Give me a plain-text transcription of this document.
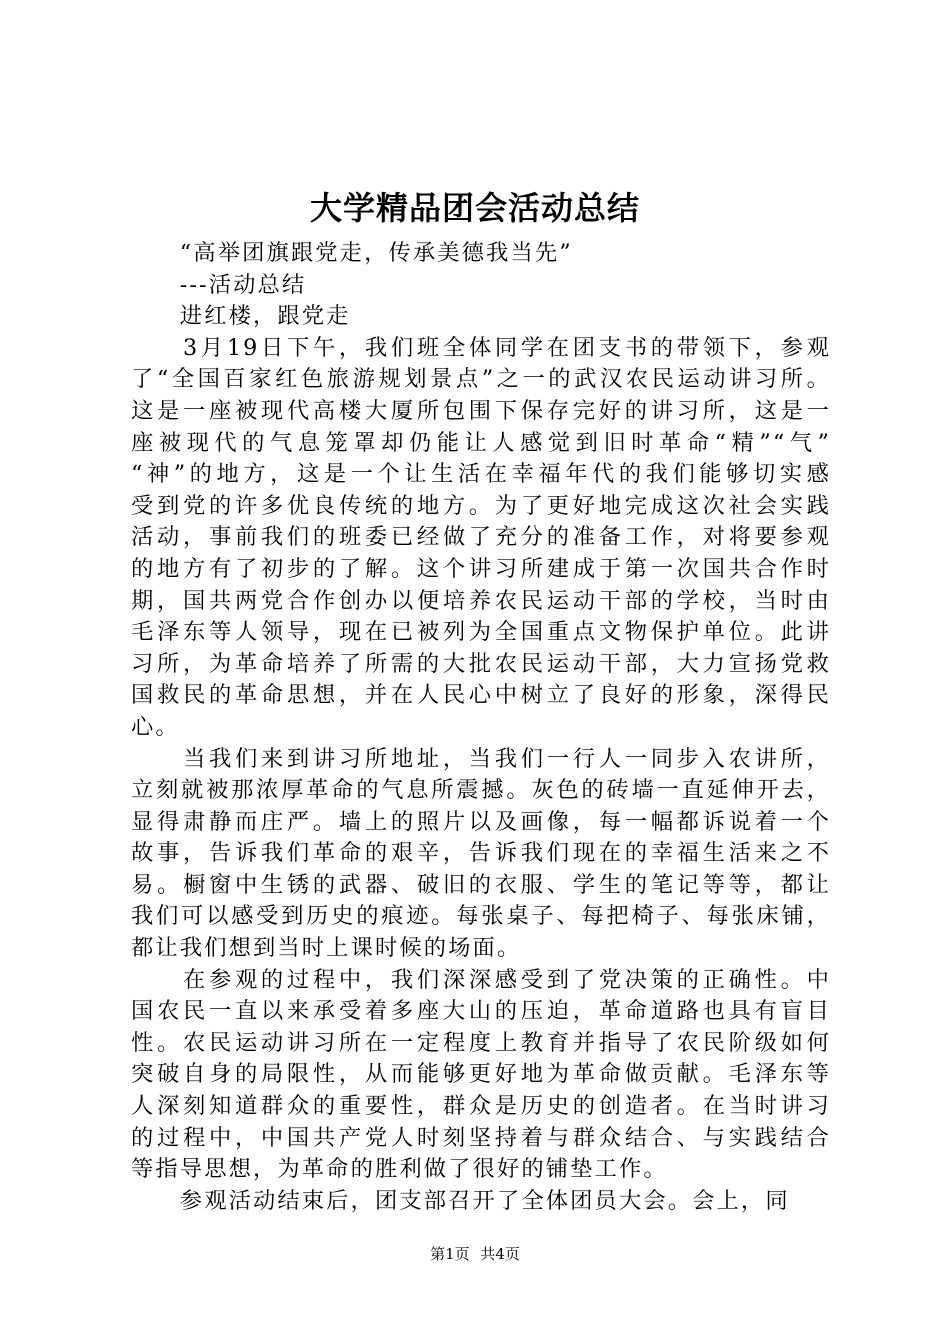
大学精品团会活动总结
　　“高举团旗跟党走，传承美德我当先”
　　---活动总结
　　进红楼，跟党走
　　3月19日下午，我们班全体同学在团支书的带领下，参观
了“全国百家红色旅游规划景点”之一的武汉农民运动讲习所。
这是一座被现代高楼大厦所包围下保存完好的讲习所，这是一
座被现代的气息笼罩却仍能让人感觉到旧时革命“精”“气”
“神”的地方，这是一个让生活在幸福年代的我们能够切实感
受到党的许多优良传统的地方。为了更好地完成这次社会实践
活动，事前我们的班委已经做了充分的准备工作，对将要参观
的地方有了初步的了解。这个讲习所建成于第一次国共合作时
期，国共两党合作创办以便培养农民运动干部的学校，当时由
毛泽东等人领导，现在已被列为全国重点文物保护单位。此讲
习所，为革命培养了所需的大批农民运动干部，大力宣扬党救
国救民的革命思想，并在人民心中树立了良好的形象，深得民
心。
　　当我们来到讲习所地址，当我们一行人一同步入农讲所，
立刻就被那浓厚革命的气息所震撼。灰色的砖墙一直延伸开去，
显得肃静而庄严。墙上的照片以及画像，每一幅都诉说着一个
故事，告诉我们革命的艰辛，告诉我们现在的幸福生活来之不
易。橱窗中生锈的武器、破旧的衣服、学生的笔记等等，都让
我们可以感受到历史的痕迹。每张桌子、每把椅子、每张床铺，
都让我们想到当时上课时候的场面。
　　在参观的过程中，我们深深感受到了党决策的正确性。中
国农民一直以来承受着多座大山的压迫，革命道路也具有盲目
性。农民运动讲习所在一定程度上教育并指导了农民阶级如何
突破自身的局限性，从而能够更好地为革命做贡献。毛泽东等
人深刻知道群众的重要性，群众是历史的创造者。在当时讲习
的过程中，中国共产党人时刻坚持着与群众结合、与实践结合
等指导思想，为革命的胜利做了很好的铺垫工作。
　　参观活动结束后，团支部召开了全体团员大会。会上，同
第1页 共4页
